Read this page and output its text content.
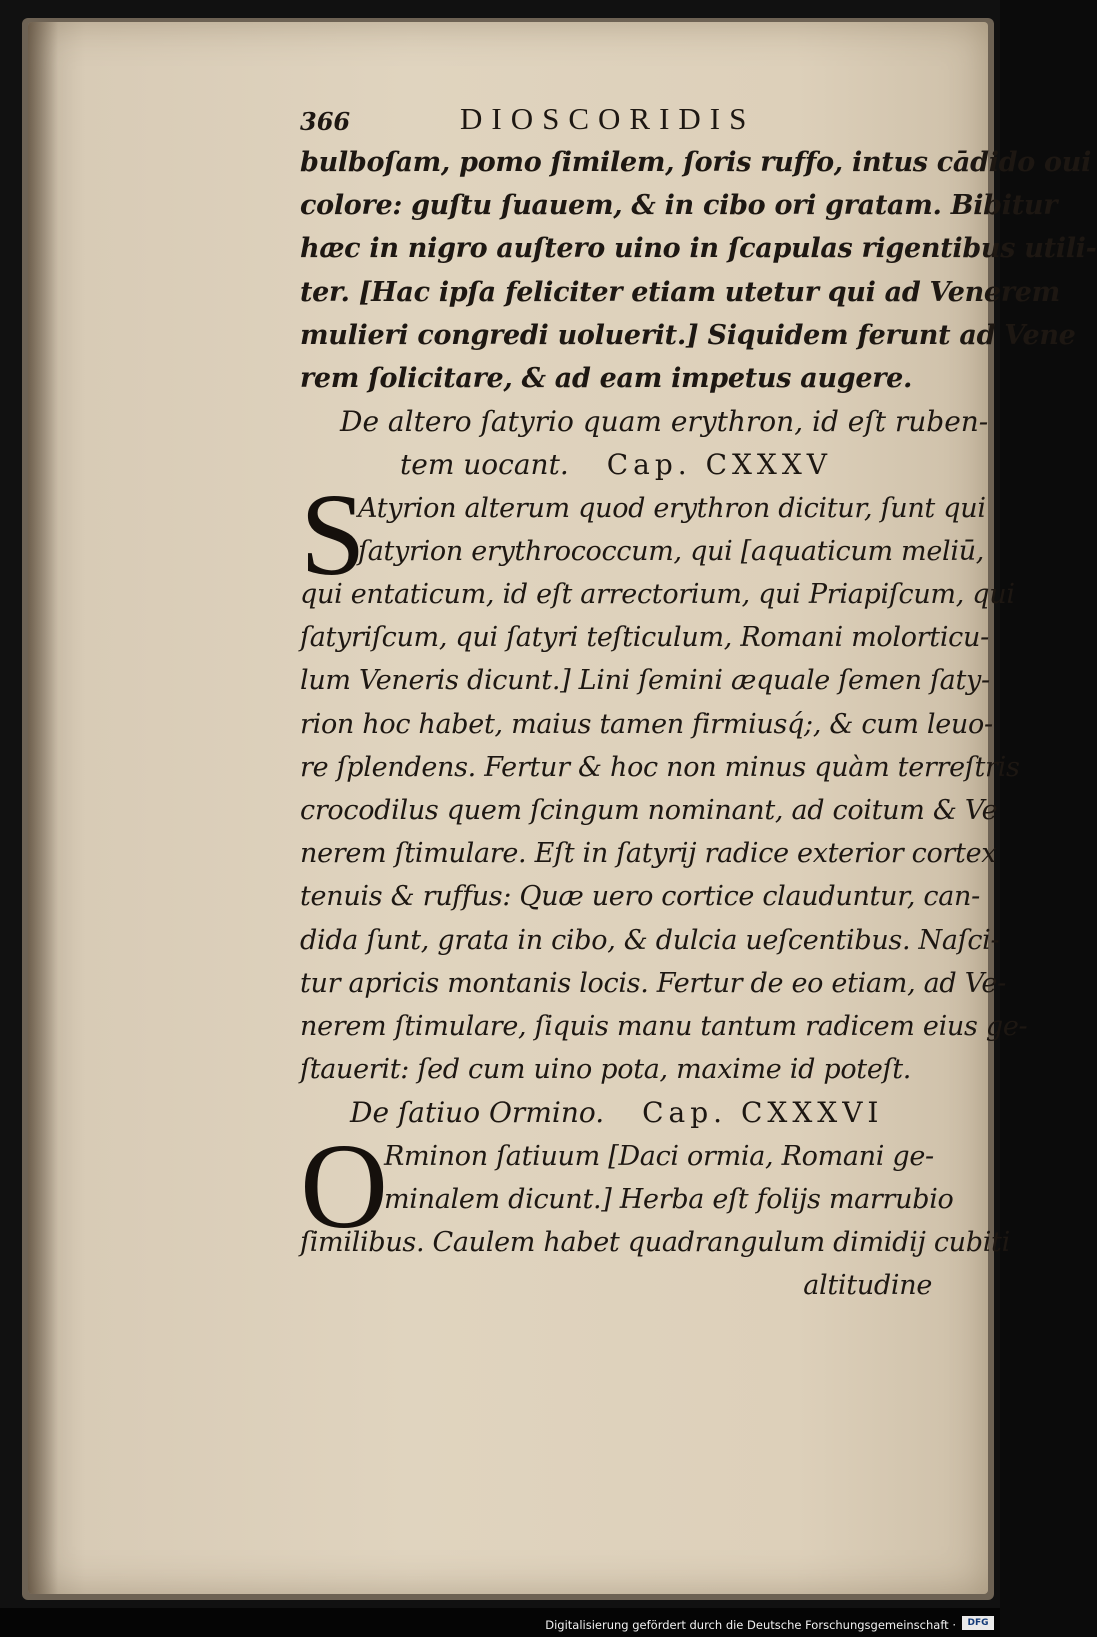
366	DIOSCORIDIS
bulboſam, pomo ſimilem, ſoris ruffo, intus cādido oui
colore: guſtu ſuauem, & in cibo ori gratam. Bibitur
hæc in nigro auſtero uino in ſcapulas rigentibus utili-
ter. [Hac ipſa feliciter etiam utetur qui ad Venerem
mulieri congredi uoluerit.] Siquidem ferunt ad Vene
rem ſolicitare, & ad eam impetus augere.
De altero ſatyrio quam erythron, id eſt ruben-
tem uocant. Cap. CXXXV
S
Atyrion alterum quod erythron dicitur, ſunt qui
ſatyrion erythrococcum, qui [aquaticum meliū,
qui entaticum, id eſt arrectorium, qui Priapiſcum, qui
ſatyriſcum, qui ſatyri teſticulum, Romani molorticu-
lum Veneris dicunt.] Lini ſemini æquale ſemen ſaty-
rion hoc habet, maius tamen firmiusq́;, & cum leuo-
re ſplendens. Fertur & hoc non minus quàm terreſtris
crocodilus quem ſcingum nominant, ad coitum & Ve
nerem ſtimulare. Eſt in ſatyrij radice exterior cortex
tenuis & ruffus: Quæ uero cortice clauduntur, can-
dida ſunt, grata in cibo, & dulcia ueſcentibus. Naſci-
tur apricis montanis locis. Fertur de eo etiam, ad Ve-
nerem ſtimulare, ſiquis manu tantum radicem eius ge-
ſtauerit: ſed cum uino pota, maxime id poteſt.
De ſatiuo Ormino. Cap. CXXXVI
O
Rminon ſatiuum [Daci ormia, Romani ge-
minalem dicunt.] Herba eſt folijs marrubio
ſimilibus. Caulem habet quadrangulum dimidij cubiti
altitudine
Digitalisierung gefördert durch die Deutsche Forschungsgemeinschaft ·	DFG
